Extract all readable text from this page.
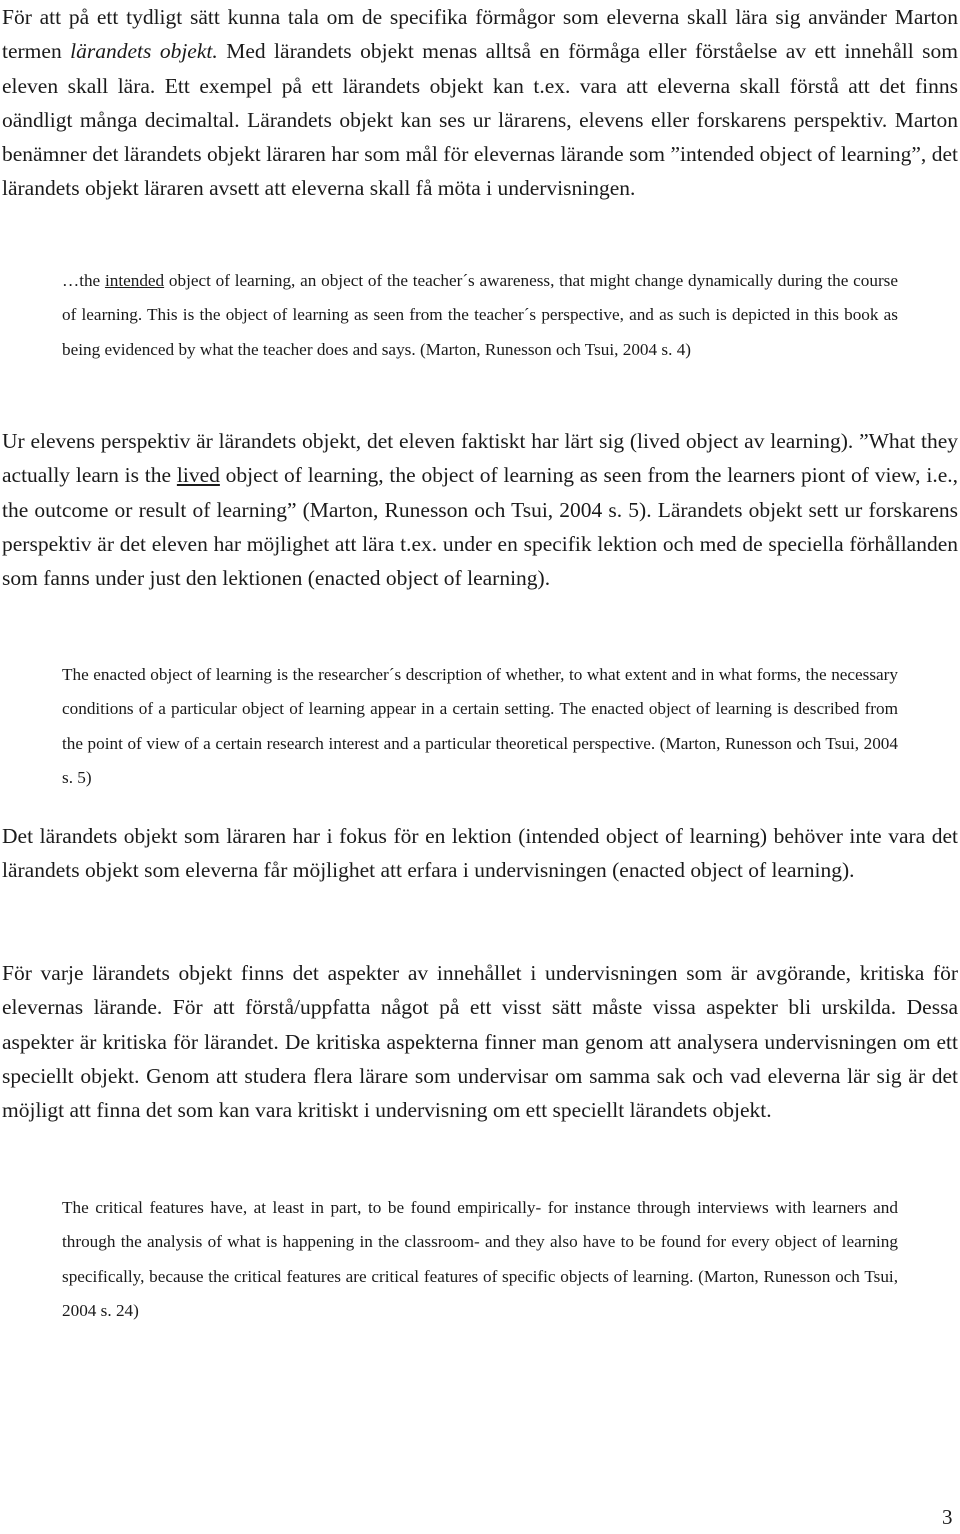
För att på ett tydligt sätt kunna tala om de specifika förmågor som eleverna skall lära sig använder Marton termen lärandets objekt. Med lärandets objekt menas alltså en förmåga eller förståelse av ett innehåll som eleven skall lära. Ett exempel på ett lärandets objekt kan t.ex. vara att eleverna skall förstå att det finns oändligt många decimaltal. Lärandets objekt kan ses ur lärarens, elevens eller forskarens perspektiv. Marton benämner det lärandets objekt läraren har som mål för elevernas lärande som ”intended object of learning”, det lärandets objekt läraren avsett att eleverna skall få möta i undervisningen.

…the intended object of learning, an object of the teacher´s awareness, that might change dynamically during the course of learning. This is the object of learning as seen from the teacher´s perspective, and as such is depicted in this book as being evidenced by what the teacher does and says. (Marton, Runesson och Tsui, 2004 s. 4)

Ur elevens perspektiv är lärandets objekt, det eleven faktiskt har lärt sig (lived object av learning). ”What they actually learn is the lived object of learning, the object of learning as seen from the learners piont of view, i.e., the outcome or result of learning” (Marton, Runesson och Tsui, 2004 s. 5). Lärandets objekt sett ur forskarens perspektiv är det eleven har möjlighet att lära t.ex. under en specifik lektion och med de speciella förhållanden som fanns under just den lektionen (enacted object of learning).

The enacted object of learning is the researcher´s description of whether, to what extent and in what forms, the necessary conditions of a particular object of learning appear in a certain setting. The enacted object of learning is described from the point of view of a certain research interest and a particular theoretical perspective. (Marton, Runesson och Tsui, 2004 s. 5)

Det lärandets objekt som läraren har i fokus för en lektion (intended object of learning) behöver inte vara det lärandets objekt som eleverna får möjlighet att erfara i undervisningen (enacted object of learning).

För varje lärandets objekt finns det aspekter av innehållet i undervisningen som är avgörande, kritiska för elevernas lärande. För att förstå/uppfatta något på ett visst sätt måste vissa aspekter bli urskilda. Dessa aspekter är kritiska för lärandet. De kritiska aspekterna finner man genom att analysera undervisningen om ett speciellt objekt. Genom att studera flera lärare som undervisar om samma sak och vad eleverna lär sig är det möjligt att finna det som kan vara kritiskt i undervisning om ett speciellt lärandets objekt.

The critical features have, at least in part, to be found empirically- for instance through interviews with learners and through the analysis of what is happening in the classroom- and they also have to be found for every object of learning specifically, because the critical features are critical features of specific objects of learning. (Marton, Runesson och Tsui, 2004 s. 24)

3
